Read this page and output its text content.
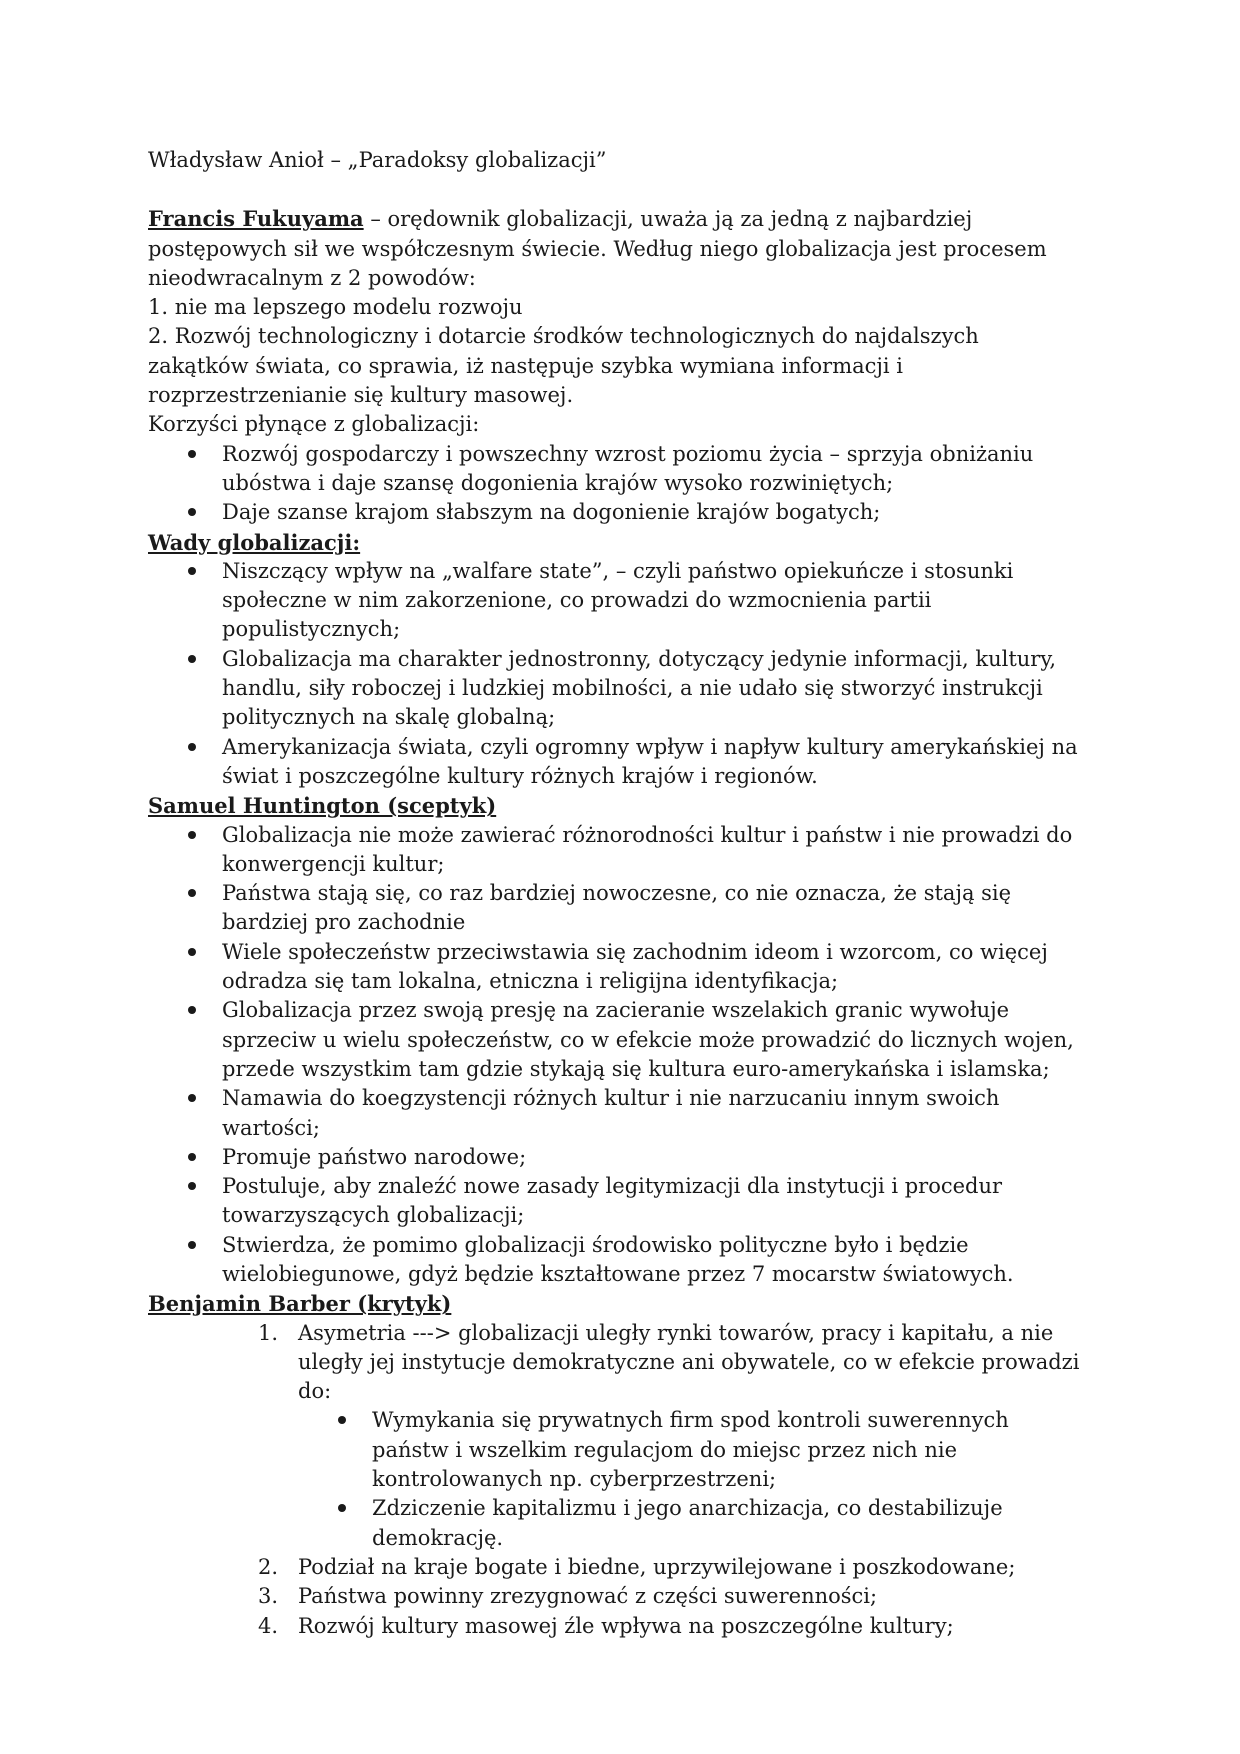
Władysław Anioł – „Paradoksy globalizacji”

Francis Fukuyama – orędownik globalizacji, uważa ją za jedną z najbardziej postępowych sił we współczesnym świecie. Według niego globalizacja jest procesem nieodwracalnym z 2 powodów:

1. nie ma lepszego modelu rozwoju

2. Rozwój technologiczny i dotarcie środków technologicznych do najdalszych zakątków świata, co sprawia, iż następuje szybka wymiana informacji i rozprzestrzenianie się kultury masowej.

Korzyści płynące z globalizacji:

Rozwój gospodarczy i powszechny wzrost poziomu życia – sprzyja obniżaniu ubóstwa i daje szansę dogonienia krajów wysoko rozwiniętych;
Daje szanse krajom słabszym na dogonienie krajów bogatych;

Wady globalizacji:

Niszczący wpływ na „walfare state”, – czyli państwo opiekuńcze i stosunki społeczne w nim zakorzenione, co prowadzi do wzmocnienia partii populistycznych;
Globalizacja ma charakter jednostronny, dotyczący jedynie informacji, kultury, handlu, siły roboczej i ludzkiej mobilności, a nie udało się stworzyć instrukcji politycznych na skalę globalną;
Amerykanizacja świata, czyli ogromny wpływ i napływ kultury amerykańskiej na świat i poszczególne kultury różnych krajów i regionów.

Samuel Huntington (sceptyk)

Globalizacja nie może zawierać różnorodności kultur i państw i nie prowadzi do konwergencji kultur;
Państwa stają się, co raz bardziej nowoczesne, co nie oznacza, że stają się bardziej pro zachodnie
Wiele społeczeństw przeciwstawia się zachodnim ideom i wzorcom, co więcej odradza się tam lokalna, etniczna i religijna identyfikacja;
Globalizacja przez swoją presję na zacieranie wszelakich granic wywołuje sprzeciw u wielu społeczeństw, co w efekcie może prowadzić do licznych wojen, przede wszystkim tam gdzie stykają się kultura euro-amerykańska i islamska;
Namawia do koegzystencji różnych kultur i nie narzucaniu innym swoich wartości;
Promuje państwo narodowe;
Postuluje, aby znaleźć nowe zasady legitymizacji dla instytucji i procedur towarzyszących globalizacji;
Stwierdza, że pomimo globalizacji środowisko polityczne było i będzie wielobiegunowe, gdyż będzie kształtowane przez 7 mocarstw światowych.

Benjamin Barber (krytyk)

1. Asymetria ---> globalizacji uległy rynki towarów, pracy i kapitału, a nie uległy jej instytucje demokratyczne ani obywatele, co w efekcie prowadzi do:
Wymykania się prywatnych firm spod kontroli suwerennych państw i wszelkim regulacjom do miejsc przez nich nie kontrolowanych np. cyberprzestrzeni;
Zdziczenie kapitalizmu i jego anarchizacja, co destabilizuje demokrację.
2. Podział na kraje bogate i biedne, uprzywilejowane i poszkodowane;
3. Państwa powinny zrezygnować z części suwerenności;
4. Rozwój kultury masowej źle wpływa na poszczególne kultury;
